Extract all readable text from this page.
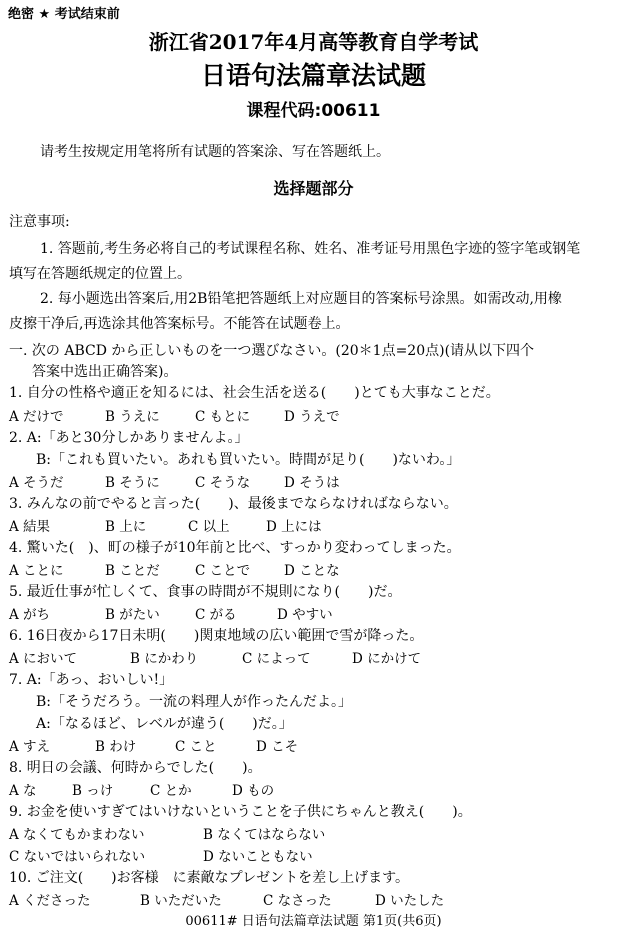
绝密 ★ 考试结束前
浙江省2017年4月高等教育自学考试
日语句法篇章法试题
课程代码:00611
请考生按规定用笔将所有试题的答案涂、写在答题纸上。
选择题部分
注意事项:
1. 答题前,考生务必将自己的考试课程名称、姓名、准考证号用黑色字迹的签字笔或钢笔
填写在答题纸规定的位置上。
2. 每小题选出答案后,用2B铅笔把答题纸上对应题目的答案标号涂黑。如需改动,用橡
皮擦干净后,再选涂其他答案标号。不能答在试题卷上。
一. 次の ABCD から正しいものを一つ選びなさい。(20＊1点=20点)(请从以下四个
答案中选出正确答案)。
1. 自分の性格や適正を知るには、社会生活を送る(　　)とても大事なことだ。
A だけで	B うえに	C もとに	D うえで
2. A:「あと30分しかありませんよ。」
B:「これも買いたい。あれも買いたい。時間が足り(　　)ないわ。」
A そうだ	B そうに	C そうな	D そうは
3. みんなの前でやると言った(　　)、最後までならなければならない。
A 結果	B 上に	C 以上	D 上には
4. 驚いた(　)、町の様子が10年前と比べ、すっかり変わってしまった。
A ことに	B ことだ	C ことで	D ことな
5. 最近仕事が忙しくて、食事の時間が不規則になり(　　)だ。
A がち	B がたい	C がる	D やすい
6. 16日夜から17日未明(　　)関東地域の広い範囲で雪が降った。
A において	B にかわり	C によって	D にかけて
7. A:「あっ、おいしい!」
B:「そうだろう。一流の料理人が作ったんだよ。」
A:「なるほど、レベルが違う(　　)だ。」
A すえ	B わけ	C こと	D こそ
8. 明日の会議、何時からでした(　　)。
A な	B っけ	C とか	D もの
9. お金を使いすぎてはいけないということを子供にちゃんと教え(　　)。
A なくてもかまわない	B なくてはならない
C ないではいられない	D ないこともない
10. ご注文(　　)お客様　に素敵なプレゼントを差し上げます。
A くださった	B いただいた	C なさった	D いたした
00611# 日语句法篇章法试题 第1页(共6页)
